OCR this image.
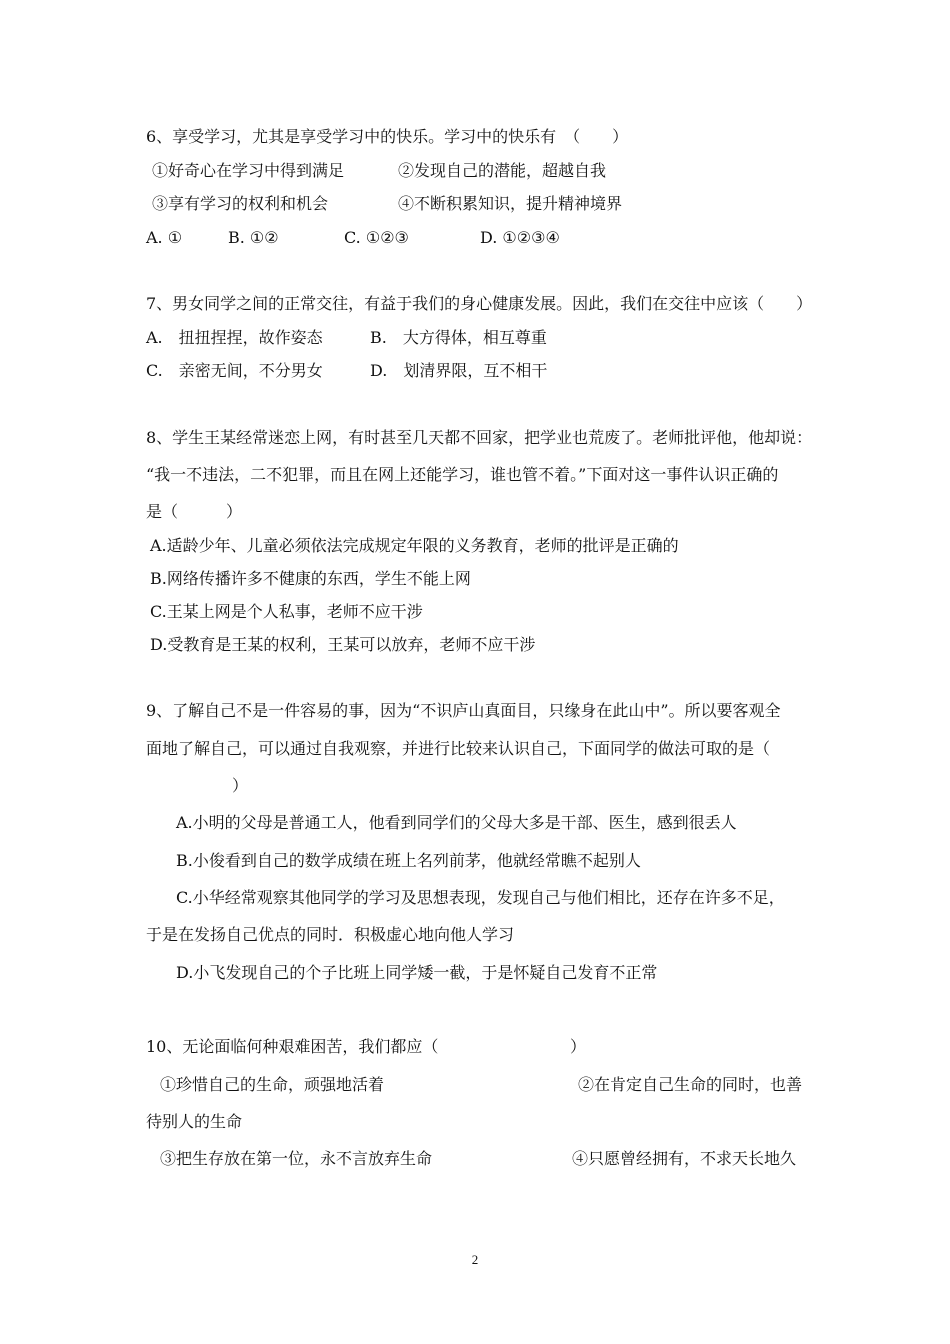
6、享受学习，尤其是享受学习中的快乐。学习中的快乐有　（　　）
①好奇心在学习中得到满足	②发现自己的潜能，超越自我
③享有学习的权利和机会	④不断积累知识，提升精神境界
A. ①	B. ①②	C. ①②③	D. ①②③④
7、男女同学之间的正常交往，有益于我们的身心健康发展。因此，我们在交往中应该（　　）
A.　扭扭捏捏，故作姿态	B.　大方得体，相互尊重
C.　亲密无间，不分男女	D.　划清界限，互不相干
8、学生王某经常迷恋上网，有时甚至几天都不回家，把学业也荒废了。老师批评他，他却说：
“我一不违法，二不犯罪，而且在网上还能学习，谁也管不着。”下面对这一事件认识正确的
是（　　　）
A.适龄少年、儿童必须依法完成规定年限的义务教育，老师的批评是正确的
B.网络传播许多不健康的东西，学生不能上网
C.王某上网是个人私事，老师不应干涉
D.受教育是王某的权利，王某可以放弃，老师不应干涉
9、了解自己不是一件容易的事，因为“不识庐山真面目，只缘身在此山中”。所以要客观全
面地了解自己，可以通过自我观察，并进行比较来认识自己，下面同学的做法可取的是（
）
A.小明的父母是普通工人，他看到同学们的父母大多是干部、医生，感到很丢人
B.小俊看到自己的数学成绩在班上名列前茅，他就经常瞧不起别人
C.小华经常观察其他同学的学习及思想表现，发现自己与他们相比，还存在许多不足，
于是在发扬自己优点的同时．积极虚心地向他人学习
D.小飞发现自己的个子比班上同学矮一截，于是怀疑自己发育不正常
10、无论面临何种艰难困苦，我们都应（	）
①珍惜自己的生命，顽强地活着	②在肯定自己生命的同时，也善
待别人的生命
③把生存放在第一位，永不言放弃生命	④只愿曾经拥有，不求天长地久
2
